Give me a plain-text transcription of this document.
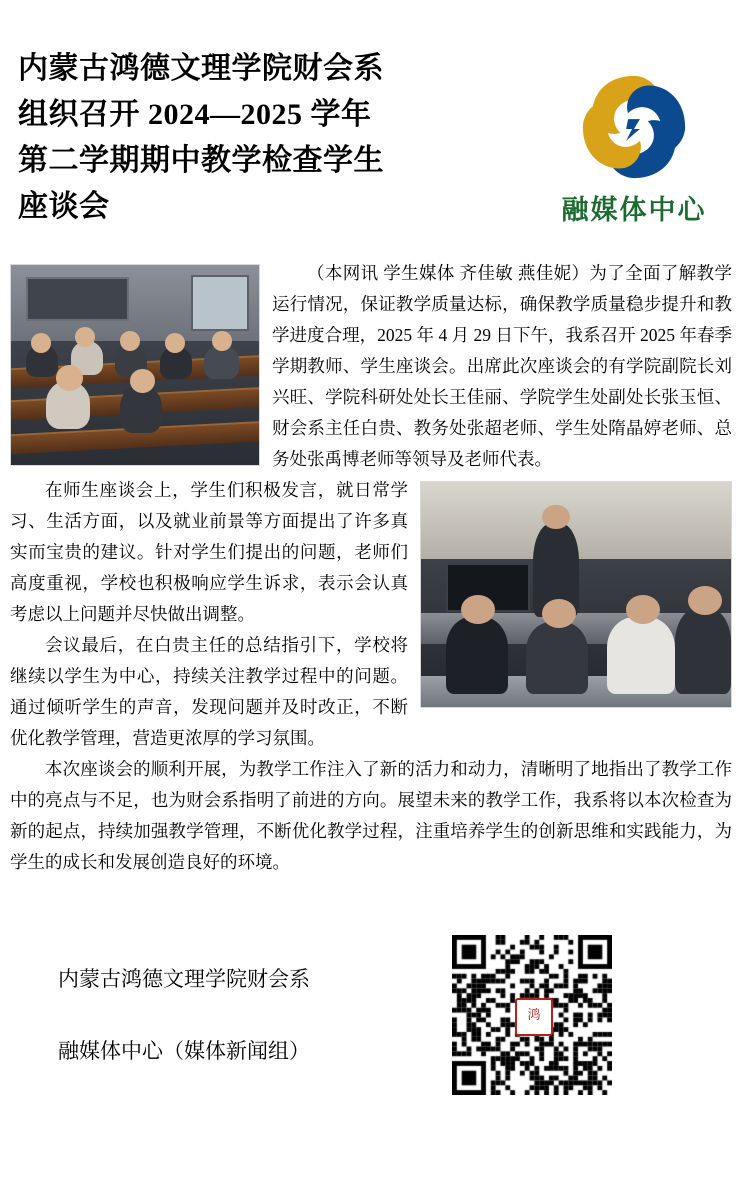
内蒙古鸿德文理学院财会系
组织召开 2024—2025 学年
第二学期期中教学检查学生
座谈会	融媒体中心

（本网讯 学生媒体 齐佳敏 燕佳妮）为了全面了解教学运行情况，保证教学质量达标，确保教学质量稳步提升和教学进度合理，2025 年 4 月 29 日下午，我系召开 2025 年春季学期教师、学生座谈会。出席此次座谈会的有学院副院长刘兴旺、学院科研处处长王佳丽、学院学生处副处长张玉恒、财会系主任白贵、教务处张超老师、学生处隋晶婷老师、总务处张禹博老师等领导及老师代表。

在师生座谈会上，学生们积极发言，就日常学习、生活方面，以及就业前景等方面提出了许多真实而宝贵的建议。针对学生们提出的问题，老师们高度重视，学校也积极响应学生诉求，表示会认真考虑以上问题并尽快做出调整。

会议最后，在白贵主任的总结指引下，学校将继续以学生为中心，持续关注教学过程中的问题。通过倾听学生的声音，发现问题并及时改正，不断优化教学管理，营造更浓厚的学习氛围。

本次座谈会的顺利开展，为教学工作注入了新的活力和动力，清晰明了地指出了教学工作中的亮点与不足，也为财会系指明了前进的方向。展望未来的教学工作，我系将以本次检查为新的起点，持续加强教学管理，不断优化教学过程，注重培养学生的创新思维和实践能力，为学生的成长和发展创造良好的环境。

内蒙古鸿德文理学院财会系
融媒体中心（媒体新闻组）
鸿
